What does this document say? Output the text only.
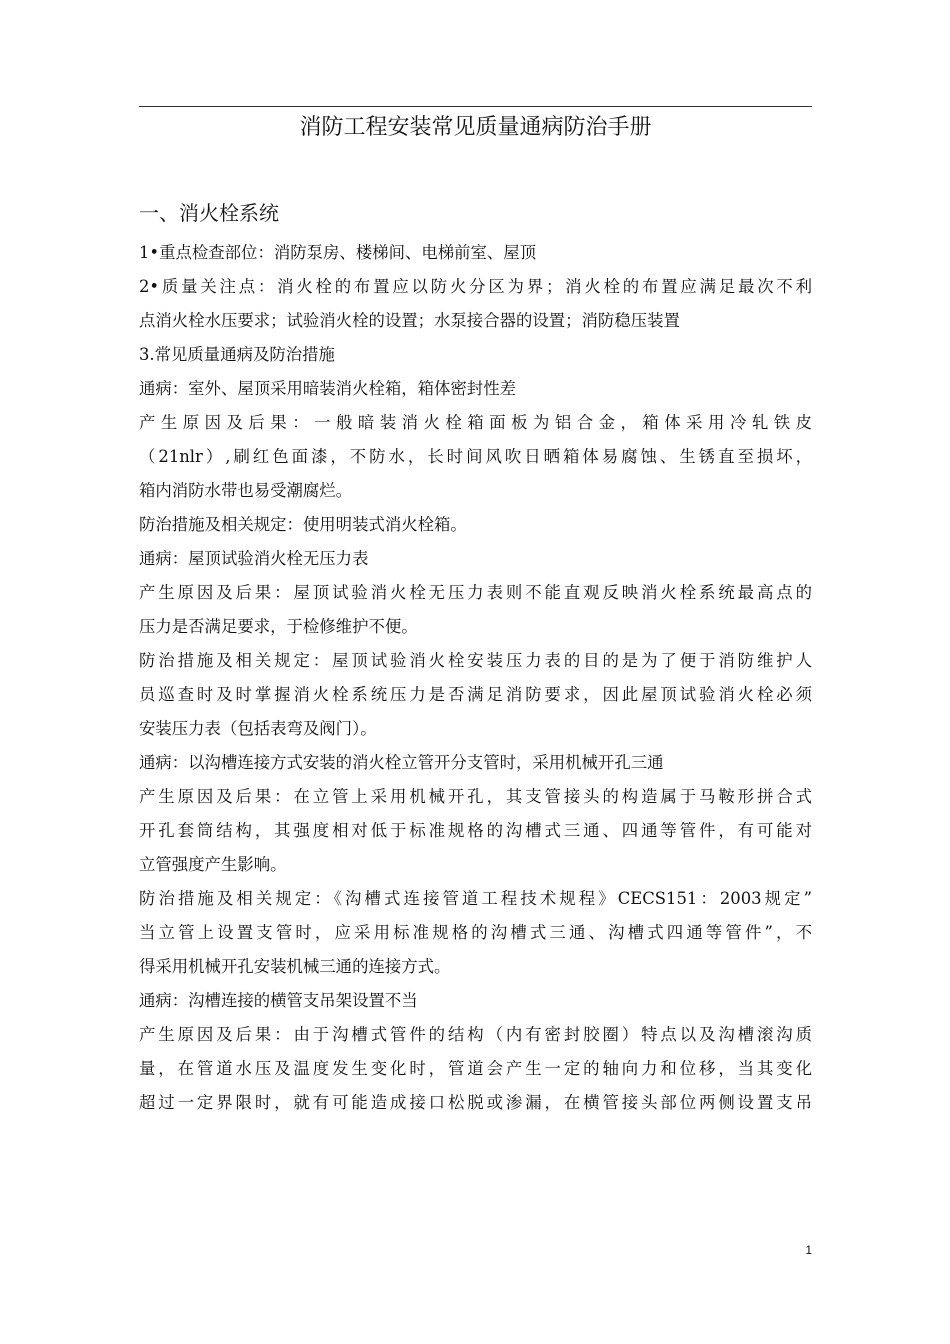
消防工程安装常见质量通病防治手册
一、消火栓系统
1•重点检查部位：消防泵房、楼梯间、电梯前室、屋顶
2•质量关注点：消火栓的布置应以防火分区为界；消火栓的布置应满足最次不利
点消火栓水压要求；试验消火栓的设置；水泵接合器的设置；消防稳压装置
3.常见质量通病及防治措施
通病：室外、屋顶采用暗装消火栓箱，箱体密封性差
产生原因及后果：一般暗装消火栓箱面板为铝合金，箱体采用冷轧铁皮
（21nlr）,刷红色面漆，不防水，长时间风吹日晒箱体易腐蚀、生锈直至损坏，
箱内消防水带也易受潮腐烂。
防治措施及相关规定：使用明装式消火栓箱。
通病：屋顶试验消火栓无压力表
产生原因及后果：屋顶试验消火栓无压力表则不能直观反映消火栓系统最高点的
压力是否满足要求，于检修维护不便。
防治措施及相关规定：屋顶试验消火栓安装压力表的目的是为了便于消防维护人
员巡查时及时掌握消火栓系统压力是否满足消防要求，因此屋顶试验消火栓必须
安装压力表（包括表弯及阀门）。
通病：以沟槽连接方式安装的消火栓立管开分支管时，采用机械开孔三通
产生原因及后果：在立管上采用机械开孔，其支管接头的构造属于马鞍形拼合式
开孔套筒结构，其强度相对低于标准规格的沟槽式三通、四通等管件，有可能对
立管强度产生影响。
防治措施及相关规定：《沟槽式连接管道工程技术规程》CECS151：2003规定”
当立管上设置支管时，应采用标准规格的沟槽式三通、沟槽式四通等管件”，不
得采用机械开孔安装机械三通的连接方式。
通病：沟槽连接的横管支吊架设置不当
产生原因及后果：由于沟槽式管件的结构（内有密封胶圈）特点以及沟槽滚沟质
量，在管道水压及温度发生变化时，管道会产生一定的轴向力和位移，当其变化
超过一定界限时，就有可能造成接口松脱或渗漏，在横管接头部位两侧设置支吊
1
